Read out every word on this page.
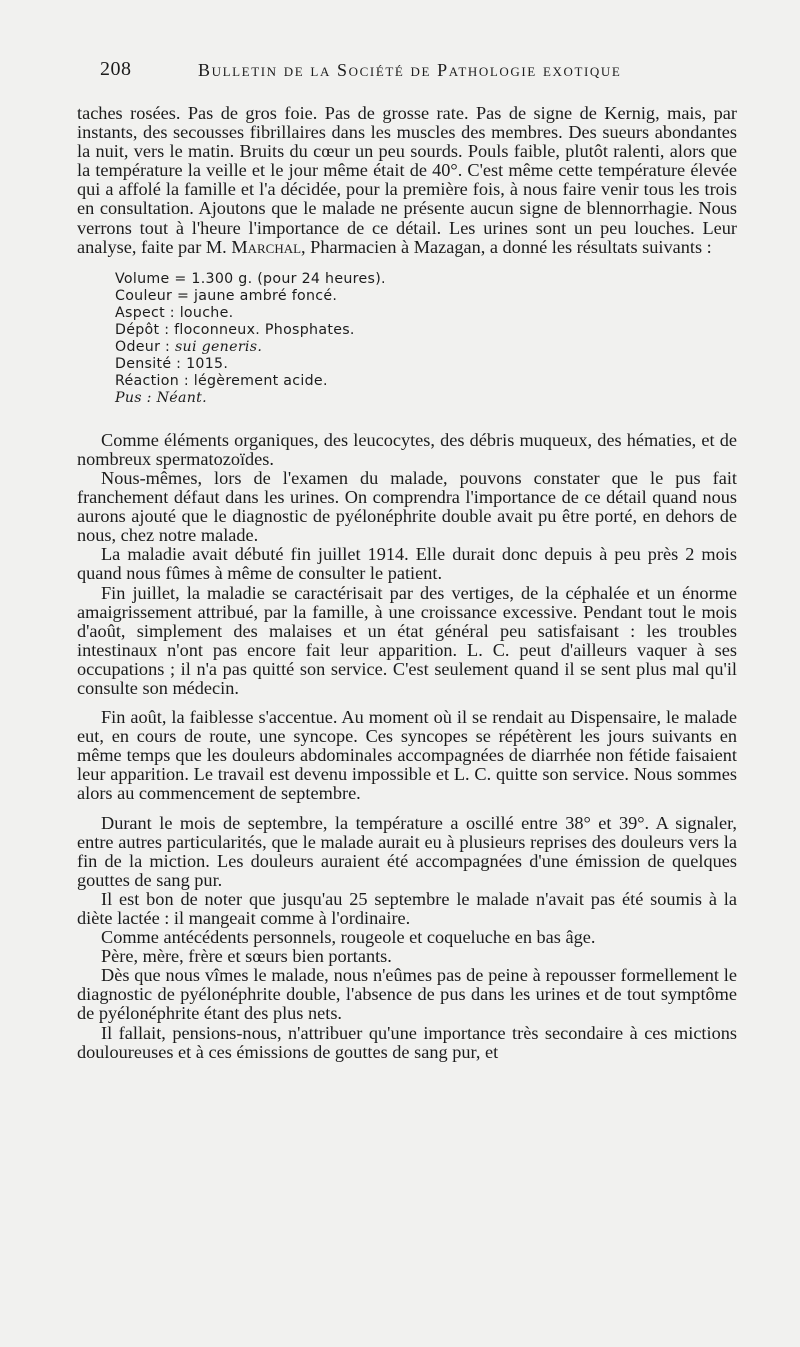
208	Bulletin de la Société de Pathologie exotique

taches rosées. Pas de gros foie. Pas de grosse rate. Pas de signe de Kernig, mais, par instants, des secousses fibrillaires dans les muscles des membres. Des sueurs abondantes la nuit, vers le matin. Bruits du cœur un peu sourds. Pouls faible, plutôt ralenti, alors que la température la veille et le jour même était de 40°. C'est même cette température élevée qui a affolé la famille et l'a décidée, pour la première fois, à nous faire venir tous les trois en consultation. Ajoutons que le malade ne présente aucun signe de blennorrhagie. Nous verrons tout à l'heure l'importance de ce détail. Les urines sont un peu louches. Leur analyse, faite par M. Marchal, Pharmacien à Mazagan, a donné les résultats suivants :

Volume = 1.300 g. (pour 24 heures).
Couleur = jaune ambré foncé.
Aspect : louche.
Dépôt : floconneux. Phosphates.
Odeur : sui generis.
Densité : 1015.
Réaction : légèrement acide.
Pus : Néant.

Comme éléments organiques, des leucocytes, des débris muqueux, des hématies, et de nombreux spermatozoïdes.

Nous-mêmes, lors de l'examen du malade, pouvons constater que le pus fait franchement défaut dans les urines. On comprendra l'importance de ce détail quand nous aurons ajouté que le diagnostic de pyélonéphrite double avait pu être porté, en dehors de nous, chez notre malade.

La maladie avait débuté fin juillet 1914. Elle durait donc depuis à peu près 2 mois quand nous fûmes à même de consulter le patient.

Fin juillet, la maladie se caractérisait par des vertiges, de la céphalée et un énorme amaigrissement attribué, par la famille, à une croissance excessive. Pendant tout le mois d'août, simplement des malaises et un état général peu satisfaisant : les troubles intestinaux n'ont pas encore fait leur apparition. L. C. peut d'ailleurs vaquer à ses occupations ; il n'a pas quitté son service. C'est seulement quand il se sent plus mal qu'il consulte son médecin.

Fin août, la faiblesse s'accentue. Au moment où il se rendait au Dispensaire, le malade eut, en cours de route, une syncope. Ces syncopes se répétèrent les jours suivants en même temps que les douleurs abdominales accompagnées de diarrhée non fétide faisaient leur apparition. Le travail est devenu impossible et L. C. quitte son service. Nous sommes alors au commencement de septembre.

Durant le mois de septembre, la température a oscillé entre 38° et 39°. A signaler, entre autres particularités, que le malade aurait eu à plusieurs reprises des douleurs vers la fin de la miction. Les douleurs auraient été accompagnées d'une émission de quelques gouttes de sang pur.

Il est bon de noter que jusqu'au 25 septembre le malade n'avait pas été soumis à la diète lactée : il mangeait comme à l'ordinaire.

Comme antécédents personnels, rougeole et coqueluche en bas âge.

Père, mère, frère et sœurs bien portants.

Dès que nous vîmes le malade, nous n'eûmes pas de peine à repousser formellement le diagnostic de pyélonéphrite double, l'absence de pus dans les urines et de tout symptôme de pyélonéphrite étant des plus nets.

Il fallait, pensions-nous, n'attribuer qu'une importance très secondaire à ces mictions douloureuses et à ces émissions de gouttes de sang pur, et
